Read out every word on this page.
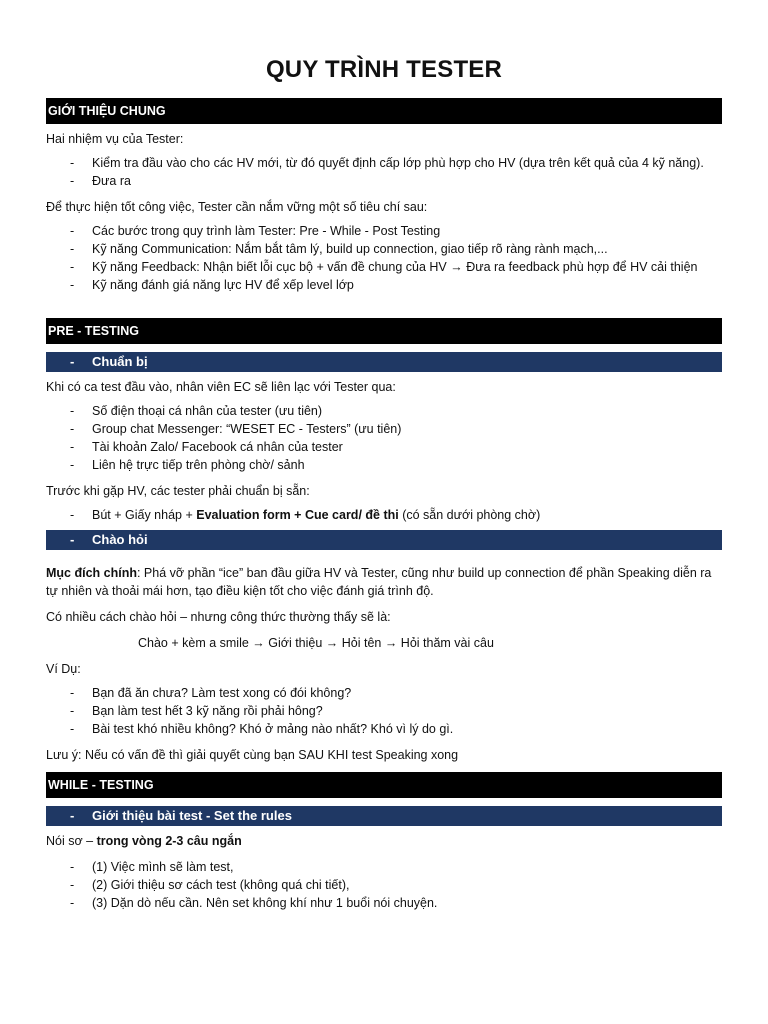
QUY TRÌNH TESTER
GIỚI THIỆU CHUNG

Hai nhiệm vụ của Tester:

- Kiểm tra đầu vào cho các HV mới, từ đó quyết định cấp lớp phù hợp cho HV (dựa trên kết quả của 4 kỹ năng).
- Đưa ra

Để thực hiện tốt công việc, Tester cần nắm vững một số tiêu chí sau:

- Các bước trong quy trình làm Tester: Pre - While - Post Testing
- Kỹ năng Communication: Nắm bắt tâm lý, build up connection, giao tiếp rõ ràng rành mạch,...
- Kỹ năng Feedback: Nhận biết lỗi cục bộ + vấn đề chung của HV → Đưa ra feedback phù hợp để HV cải thiện
- Kỹ năng đánh giá năng lực HV để xếp level lớp
PRE - TESTING
- Chuẩn bị

Khi có ca test đầu vào, nhân viên EC sẽ liên lạc với Tester qua:

- Số điện thoại cá nhân của tester (ưu tiên)
- Group chat Messenger: “WESET EC - Testers” (ưu tiên)
- Tài khoản Zalo/ Facebook cá nhân của tester
- Liên hệ trực tiếp trên phòng chờ/ sảnh

Trước khi gặp HV, các tester phải chuẩn bị sẵn:

- Bút + Giấy nháp + Evaluation form + Cue card/ đề thi (có sẵn dưới phòng chờ)
- Chào hỏi

Mục đích chính: Phá vỡ phần “ice” ban đầu giữa HV và Tester, cũng như build up connection để phần Speaking diễn ra tự nhiên và thoải mái hơn, tạo điều kiện tốt cho việc đánh giá trình độ.

Có nhiều cách chào hỏi – nhưng công thức thường thấy sẽ là:

Chào + kèm a smile → Giới thiệu → Hỏi tên → Hỏi thăm vài câu

Ví Dụ:

- Bạn đã ăn chưa? Làm test xong có đói không?
- Bạn làm test hết 3 kỹ năng rồi phải hông?
- Bài test khó nhiều không? Khó ở mảng nào nhất? Khó vì lý do gì.

Lưu ý: Nếu có vấn đề thì giải quyết cùng bạn SAU KHI test Speaking xong

WHILE - TESTING
- Giới thiệu bài test - Set the rules

Nói sơ – trong vòng 2-3 câu ngắn

- (1) Việc mình sẽ làm test,
- (2) Giới thiệu sơ cách test (không quá chi tiết),
- (3) Dặn dò nếu cần. Nên set không khí như 1 buổi nói chuyện.
